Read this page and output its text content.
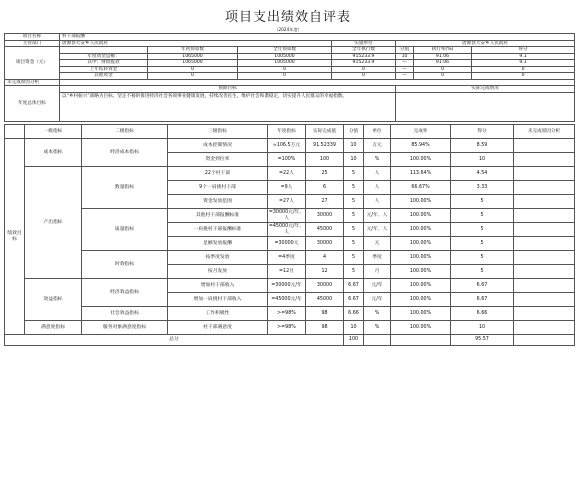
项目支出绩效自评表
（2024年度）
项目名称	村干部报酬						
主管部门	唐源县大安乡人民政府			实施单位	唐源县大安乡人民政府		
项目资金（元）		年初预算数	全年预算数	全年执行数	分值	执行率(%)	得分
	年度资金总额：	1065000	1005000	915233.9	10	91.06	9.1
	其中：财政拨款	1065000	1005000	915233.9	—	91.06	9.1
	上年结转资金	0	0	0	—	0	0
	其他资金	0	0	0	—	0	0
未完成原因分析							
年度总体目标	预期目标				实际完成情况		
	以“乡村振兴”战略为目标，坚定不移的推进经济社会各项事业健康发展，持续改善民生，维护社会和谐稳定，切实提升人民群众的幸福指数。						
	一级指标	二级指标	三级指标	年度指标	实际完成值	分值	单位	完成率	得分	未完成原因分析
绩效目标	成本指标	经济成本指标	成本控制情况	≈106.5万元	91.52339	10	万元	85.94%	8.59	
			资金到位率	=100%	100	10	%	100.00%	10	
	产出指标	数量指标	22个村干部	=22人	25	5	人	113.64%	4.54	
			9个一肩挑村干部	=9人	6	5	人	66.67%	3.33	
			资金发放范围	=27人	27	5	人	100.00%	5	
		质量指标	其他村干部报酬标准	=30000元/年、人	30000	5	元/年、人	100.00%	5	
			一肩挑村干部报酬标准	=45000元/年、人	45000	5	元/年、人	100.00%	5	
			足额发放报酬	=30000元	30000	5	元	100.00%	5	
		时效指标	按季度发放	=4季度	4	5	季度	100.00%	5	
			按月发放	=12月	12	5	月	100.00%	5	
	效益指标	经济效益指标	增加村干部收入	=30000元/年	30000	6.67	元/年	100.00%	6.67	
			增加一肩挑村干部收入	=45000元/年	45000	6.67	元/年	100.00%	6.67	
		社会效益指标	工作积极性	>=98%	98	6.66	%	100.00%	6.66	
	满意度指标	服务对象满意度指标	村干部满意度	>=98%	98	10	%	100.00%	10	
总分						100			95.57	
